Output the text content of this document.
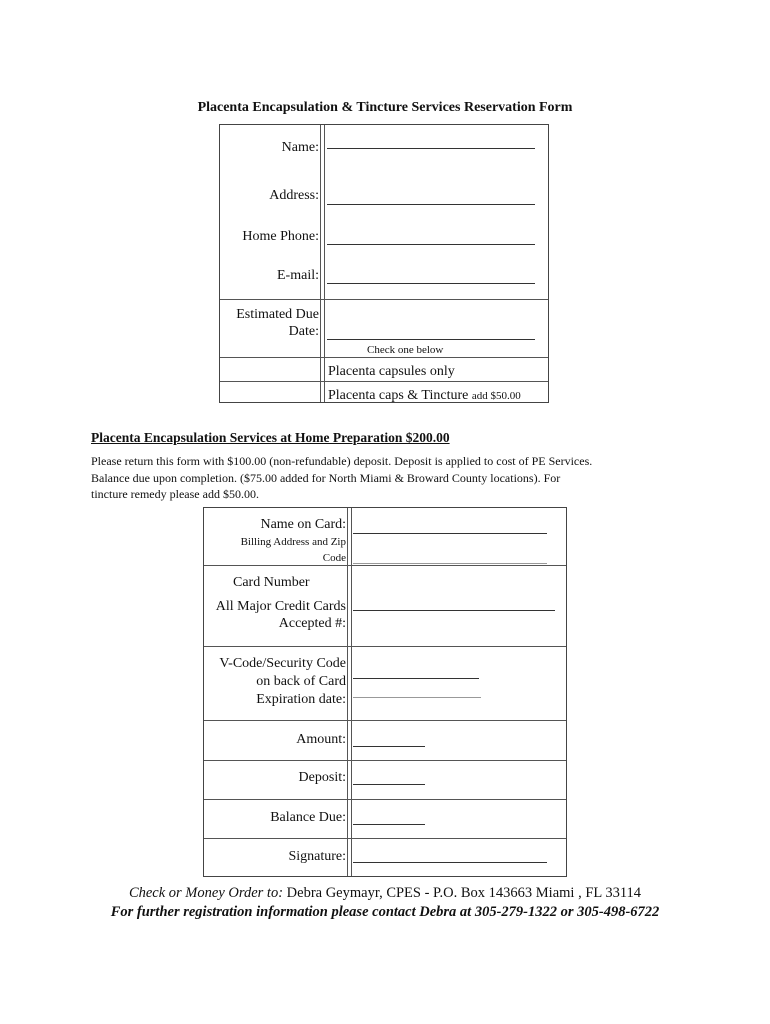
Placenta Encapsulation & Tincture Services Reservation Form
Name:
Address:
Home Phone:
E-mail:
Estimated Due
Date:
Check one below
Placenta capsules only
Placenta caps & Tincture add $50.00
Placenta Encapsulation Services at Home Preparation $200.00
Please return this form with $100.00 (non-refundable) deposit. Deposit is applied to cost of PE Services.
Balance due upon completion. ($75.00 added for North Miami & Broward County locations). For
tincture remedy please add $50.00.
Name on Card:
Billing Address and Zip
Code
Card Number
All Major Credit Cards
Accepted #:
V-Code/Security Code
on back of Card
Expiration date:
Amount:
Deposit:
Balance Due:
Signature:
Check or Money Order to: Debra Geymayr, CPES - P.O. Box 143663 Miami , FL 33114
For further registration information please contact Debra at 305-279-1322 or 305-498-6722
